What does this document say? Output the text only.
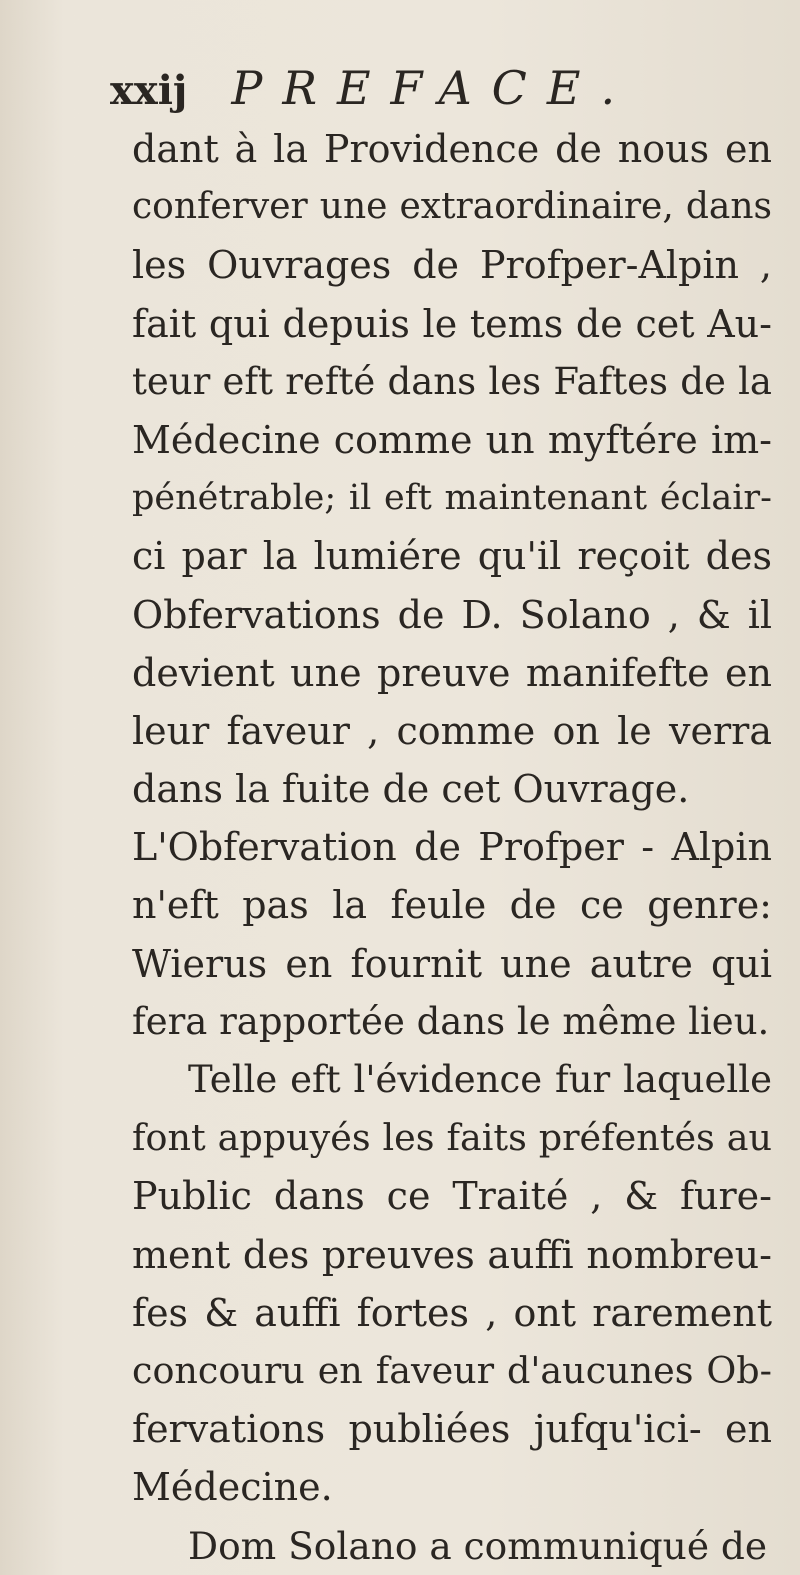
xxij PREFACE.
dant à la Providence de nous en
conferver une extraordinaire, dans
les Ouvrages de Profper-Alpin ,
fait qui depuis le tems de cet Au-
teur eft refté dans les Faftes de la
Médecine comme un myftére im-
pénétrable; il eft maintenant éclair-
ci par la lumiére qu'il reçoit des
Obfervations de D. Solano , & il
devient une preuve manifefte en
leur faveur , comme on le verra
dans la fuite de cet Ouvrage.
L'Obfervation de Profper - Alpin
n'eft pas la feule de ce genre:
Wierus en fournit une autre qui
fera rapportée dans le même lieu.
Telle eft l'évidence fur laquelle
font appuyés les faits préfentés au
Public dans ce Traité , & fure-
ment des preuves auffi nombreu-
fes & auffi fortes , ont rarement
concouru en faveur d'aucunes Ob-
fervations publiées jufqu'ici- en
Médecine.
Dom Solano a communiqué de
